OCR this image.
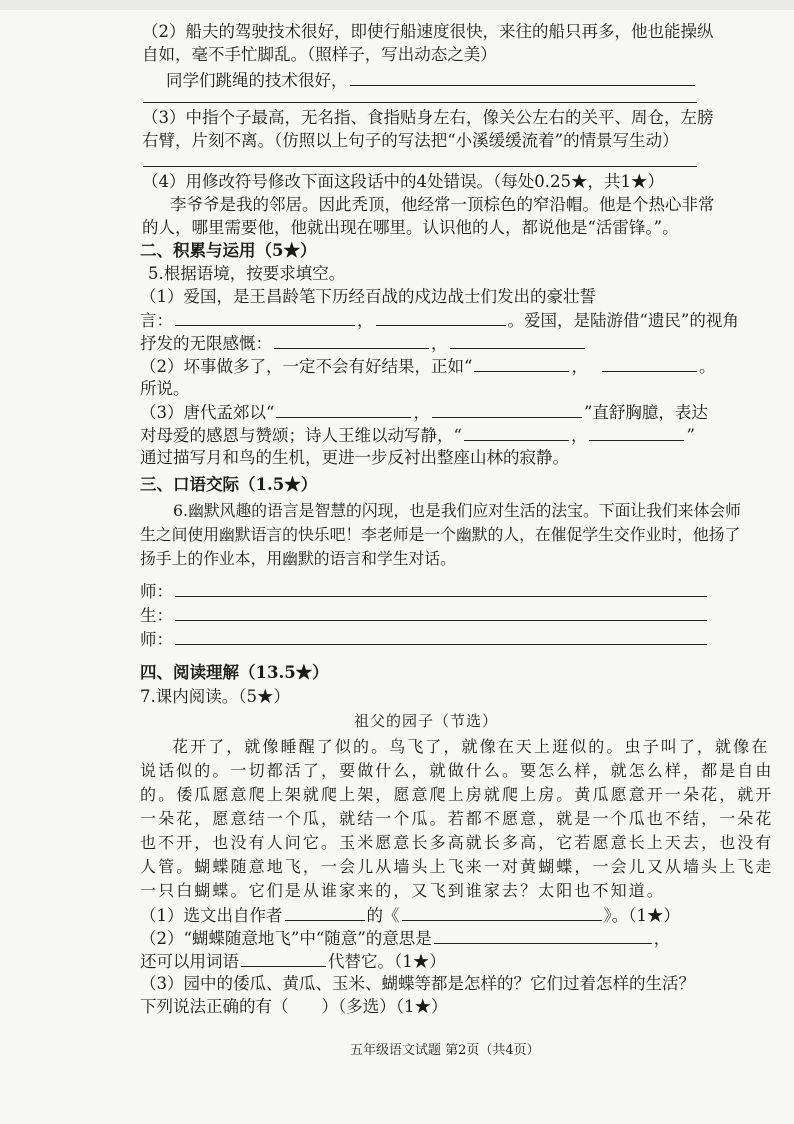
（2）船夫的驾驶技术很好，即使行船速度很快，来往的船只再多，他也能操纵
自如，毫不手忙脚乱。（照样子，写出动态之美）
同学们跳绳的技术很好，
（3）中指个子最高，无名指、食指贴身左右，像关公左右的关平、周仓，左膀
右臂，片刻不离。（仿照以上句子的写法把“小溪缓缓流着”的情景写生动）
（4）用修改符号修改下面这段话中的4处错误。（每处0.25★，共1★）
李爷爷是我的邻居。因此秃顶，他经常一顶棕色的窄沿帽。他是个热心非常
的人，哪里需要他，他就出现在哪里。认识他的人，都说他是“活雷锋。”。
二、积累与运用（5★）
5.根据语境，按要求填空。
（1）爱国，是王昌龄笔下历经百战的戍边战士们发出的豪壮誓
言：	，	。爱国，是陆游借“遗民”的视角
抒发的无限感慨：	，
（2）坏事做多了，一定不会有好结果，正如“	，	。
所说。
（3）唐代孟郊以“	，	”直舒胸臆，表达
对母爱的感恩与赞颂；诗人王维以动写静，“	，	”
通过描写月和鸟的生机，更进一步反衬出整座山林的寂静。
三、口语交际（1.5★）
6.幽默风趣的语言是智慧的闪现，也是我们应对生活的法宝。下面让我们来体会师
生之间使用幽默语言的快乐吧！李老师是一个幽默的人，在催促学生交作业时，他扬了
扬手上的作业本，用幽默的语言和学生对话。
师：
生：
师：
四、阅读理解（13.5★）
7.课内阅读。（5★）
祖父的园子（节选）
花开了，就像睡醒了似的。鸟飞了，就像在天上逛似的。虫子叫了，就像在
说话似的。一切都活了，要做什么，就做什么。要怎么样，就怎么样，都是自由
的。倭瓜愿意爬上架就爬上架，愿意爬上房就爬上房。黄瓜愿意开一朵花，就开
一朵花，愿意结一个瓜，就结一个瓜。若都不愿意，就是一个瓜也不结，一朵花
也不开，也没有人问它。玉米愿意长多高就长多高，它若愿意长上天去，也没有
人管。蝴蝶随意地飞，一会儿从墙头上飞来一对黄蝴蝶，一会儿又从墙头上飞走
一只白蝴蝶。它们是从谁家来的，又飞到谁家去？太阳也不知道。
（1）选文出自作者	的《	》。（1★）
（2）“蝴蝶随意地飞”中“随意”的意思是	，
还可以用词语	代替它。（1★）
（3）园中的倭瓜、黄瓜、玉米、蝴蝶等都是怎样的？它们过着怎样的生活？
下列说法正确的有（　　）（多选）（1★）
五年级语文试题 第2页（共4页）
